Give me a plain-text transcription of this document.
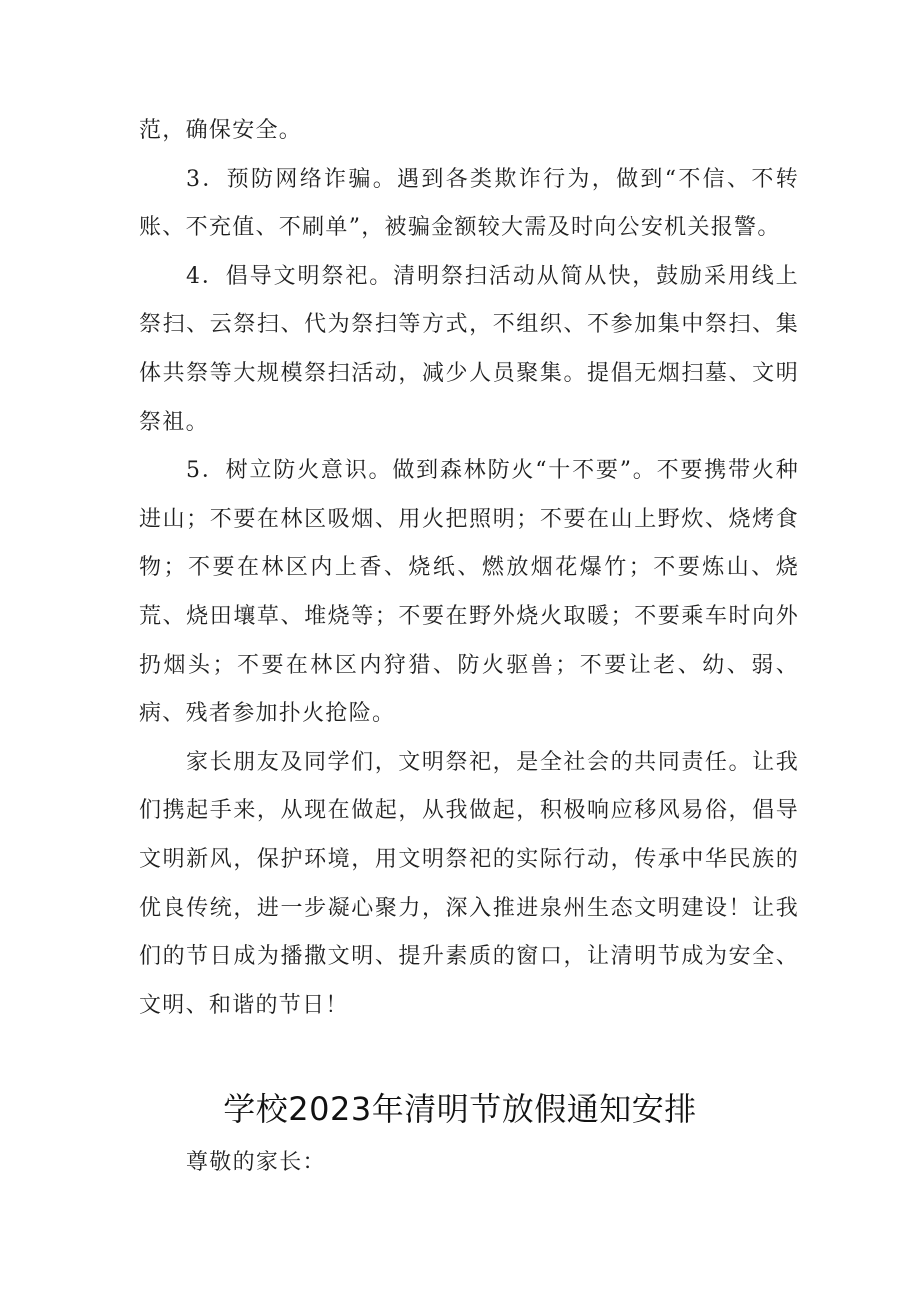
范，确保安全。

3．预防网络诈骗。遇到各类欺诈行为，做到“不信、不转账、不充值、不刷单”，被骗金额较大需及时向公安机关报警。

4．倡导文明祭祀。清明祭扫活动从简从快，鼓励采用线上祭扫、云祭扫、代为祭扫等方式，不组织、不参加集中祭扫、集体共祭等大规模祭扫活动，减少人员聚集。提倡无烟扫墓、文明祭祖。

5．树立防火意识。做到森林防火“十不要”。不要携带火种进山；不要在林区吸烟、用火把照明；不要在山上野炊、烧烤食物；不要在林区内上香、烧纸、燃放烟花爆竹；不要炼山、烧荒、烧田壤草、堆烧等；不要在野外烧火取暖；不要乘车时向外扔烟头；不要在林区内狩猎、防火驱兽；不要让老、幼、弱、病、残者参加扑火抢险。

家长朋友及同学们，文明祭祀，是全社会的共同责任。让我们携起手来，从现在做起，从我做起，积极响应移风易俗，倡导文明新风，保护环境，用文明祭祀的实际行动，传承中华民族的优良传统，进一步凝心聚力，深入推进泉州生态文明建设！让我们的节日成为播撒文明、提升素质的窗口，让清明节成为安全、文明、和谐的节日！

学校2023年清明节放假通知安排

尊敬的家长：
